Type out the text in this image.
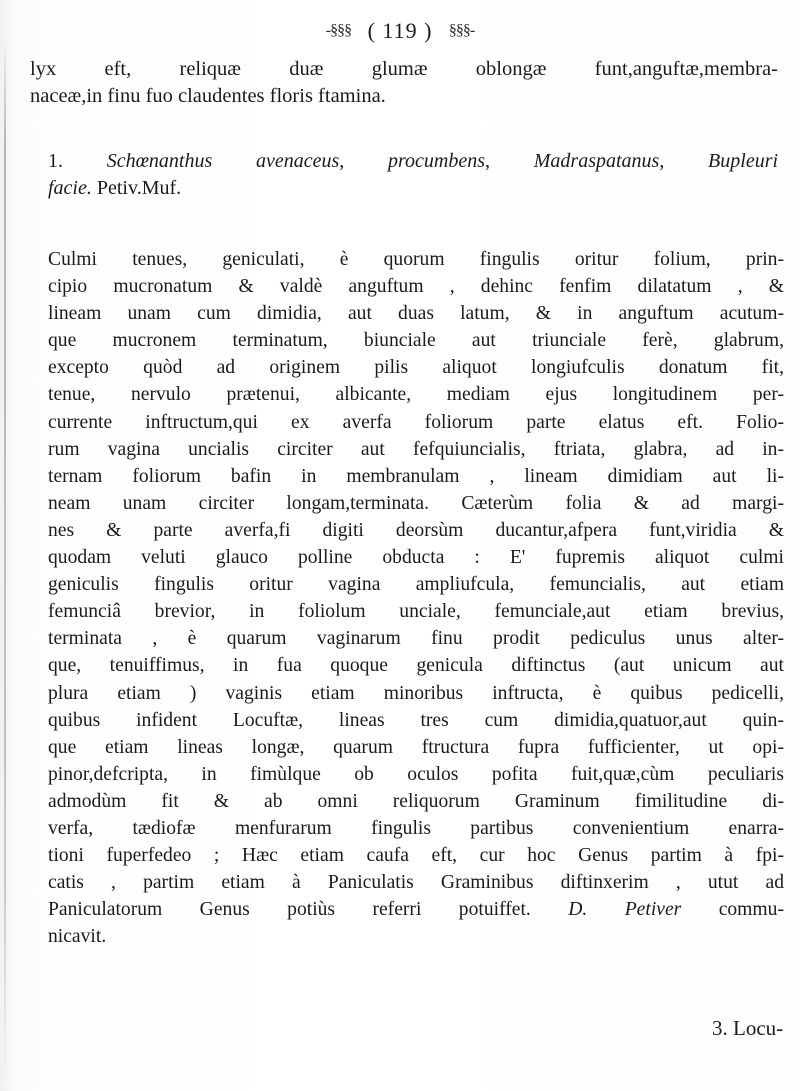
-§§§ ( 119 ) §§§-
lyx eft, reliquæ duæ glumæ oblongæ funt,anguftæ,membra-
naceæ,in finu fuo claudentes floris ftamina.
1. Schœnanthus avenaceus, procumbens, Madraspatanus, Bupleuri
facie. Petiv.Muf.
Culmi tenues, geniculati, è quorum fingulis oritur folium, prin-
cipio mucronatum & valdè anguftum , dehinc fenfim dilatatum , &
lineam unam cum dimidia, aut duas latum, & in anguftum acutum-
que mucronem terminatum, biunciale aut triunciale ferè, glabrum,
excepto quòd ad originem pilis aliquot longiufculis donatum fit,
tenue, nervulo prætenui, albicante, mediam ejus longitudinem per-
currente inftructum,qui ex averfa foliorum parte elatus eft. Folio-
rum vagina uncialis circiter aut fefquiuncialis, ftriata, glabra, ad in-
ternam foliorum bafin in membranulam , lineam dimidiam aut li-
neam unam circiter longam,terminata. Cæterùm folia & ad margi-
nes & parte averfa,fi digiti deorsùm ducantur,afpera funt,viridia &
quodam veluti glauco polline obducta : E' fupremis aliquot culmi
geniculis fingulis oritur vagina ampliufcula, femuncialis, aut etiam
femunciâ brevior, in foliolum unciale, femunciale,aut etiam brevius,
terminata , è quarum vaginarum finu prodit pediculus unus alter-
que, tenuiffimus, in fua quoque genicula diftinctus (aut unicum aut
plura etiam ) vaginis etiam minoribus inftructa, è quibus pedicelli,
quibus infident Locuftæ, lineas tres cum dimidia,quatuor,aut quin-
que etiam lineas longæ, quarum ftructura fupra fufficienter, ut opi-
pinor,defcripta, in fimùlque ob oculos pofita fuit,quæ,cùm peculiaris
admodùm fit & ab omni reliquorum Graminum fimilitudine di-
verfa, tædiofæ menfurarum fingulis partibus convenientium enarra-
tioni fuperfedeo ; Hæc etiam caufa eft, cur hoc Genus partim à fpi-
catis , partim etiam à Paniculatis Graminibus diftinxerim , utut ad
Paniculatorum Genus potiùs referri potuiffet. D. Petiver commu-
nicavit.
3. Locu-
